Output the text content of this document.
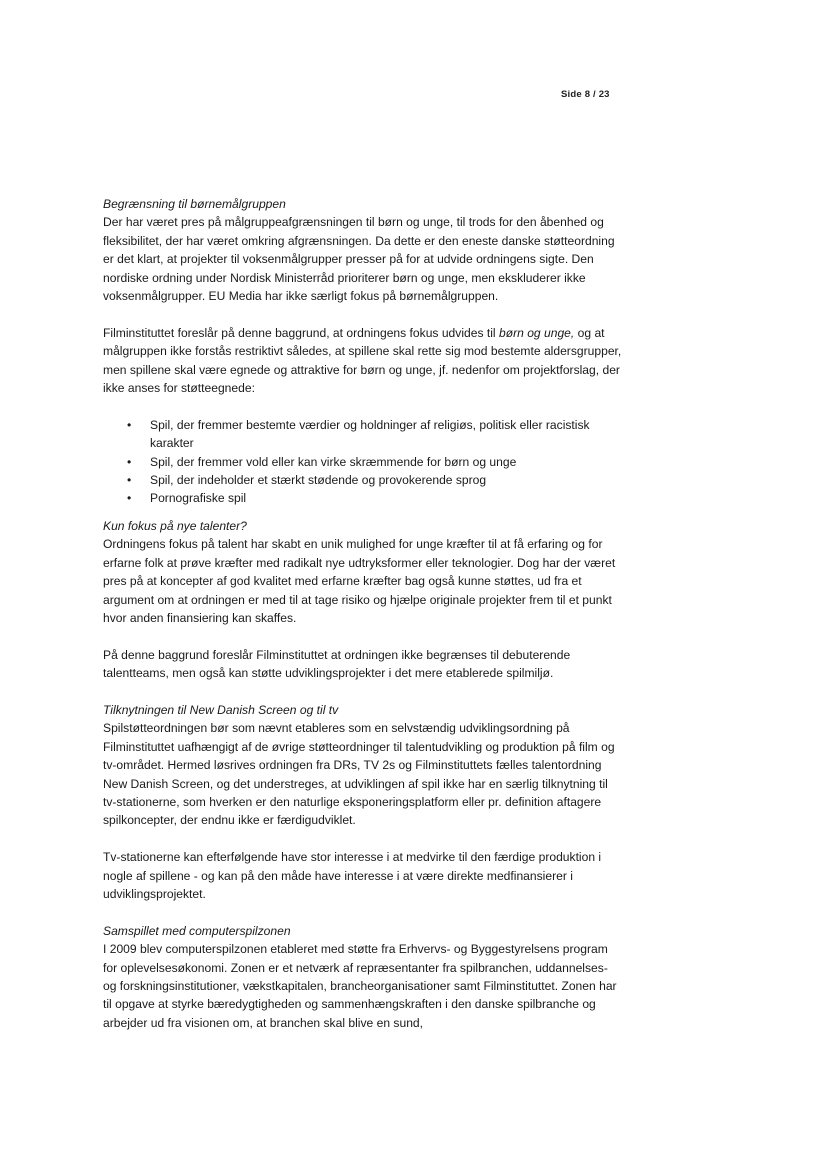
Side 8 / 23

Begrænsning til børnemålgruppen

Der har været pres på målgruppeafgrænsningen til børn og unge, til trods for den åbenhed og fleksibilitet, der har været omkring afgrænsningen. Da dette er den eneste danske støtteordning er det klart, at projekter til voksenmålgrupper presser på for at udvide ordningens sigte. Den nordiske ordning under Nordisk Ministerråd prioriterer børn og unge, men ekskluderer ikke voksenmålgrupper. EU Media har ikke særligt fokus på børnemålgruppen.

Filminstituttet foreslår på denne baggrund, at ordningens fokus udvides til børn og unge, og at målgruppen ikke forstås restriktivt således, at spillene skal rette sig mod bestemte aldersgrupper, men spillene skal være egnede og attraktive for børn og unge, jf. nedenfor om projektforslag, der ikke anses for støtteegnede:

• Spil, der fremmer bestemte værdier og holdninger af religiøs, politisk eller racistisk karakter
• Spil, der fremmer vold eller kan virke skræmmende for børn og unge
• Spil, der indeholder et stærkt stødende og provokerende sprog
• Pornografiske spil

Kun fokus på nye talenter?

Ordningens fokus på talent har skabt en unik mulighed for unge kræfter til at få erfaring og for erfarne folk at prøve kræfter med radikalt nye udtryksformer eller teknologier. Dog har der været pres på at koncepter af god kvalitet med erfarne kræfter bag også kunne støttes, ud fra et argument om at ordningen er med til at tage risiko og hjælpe originale projekter frem til et punkt hvor anden finansiering kan skaffes.

På denne baggrund foreslår Filminstituttet at ordningen ikke begrænses til debuterende talentteams, men også kan støtte udviklingsprojekter i det mere etablerede spilmiljø.

Tilknytningen til New Danish Screen og til tv

Spilstøtteordningen bør som nævnt etableres som en selvstændig udviklingsordning på Filminstituttet uafhængigt af de øvrige støtteordninger til talentudvikling og produktion på film og tv-området. Hermed løsrives ordningen fra DRs, TV 2s og Filminstituttets fælles talentordning New Danish Screen, og det understreges, at udviklingen af spil ikke har en særlig tilknytning til tv-stationerne, som hverken er den naturlige eksponeringsplatform eller pr. definition aftagere spilkoncepter, der endnu ikke er færdigudviklet.

Tv-stationerne kan efterfølgende have stor interesse i at medvirke til den færdige produktion i nogle af spillene - og kan på den måde have interesse i at være direkte medfinansierer i udviklingsprojektet.

Samspillet med computerspilzonen

I 2009 blev computerspilzonen etableret med støtte fra Erhvervs- og Byggestyrelsens program for oplevelsesøkonomi. Zonen er et netværk af repræsentanter fra spilbranchen, uddannelses- og forskningsinstitutioner, vækstkapitalen, brancheorganisationer samt Filminstituttet. Zonen har til opgave at styrke bæredygtigheden og sammenhængskraften i den danske spilbranche og arbejder ud fra visionen om, at branchen skal blive en sund,
